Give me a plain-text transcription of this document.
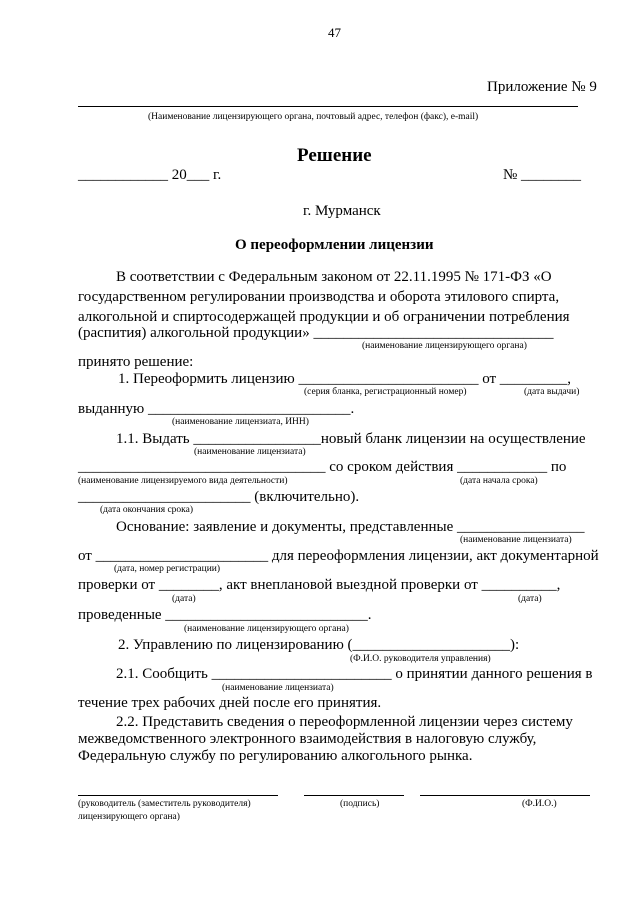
47
Приложение № 9
(Наименование лицензирующего органа, почтовый адрес, телефон (факс), e-mail)
Решение
____________ 20___ г.	№ ________
г. Мурманск
О переоформлении лицензии
В соответствии с Федеральным законом от 22.11.1995 № 171-ФЗ «О
государственном регулировании производства и оборота этилового спирта,
алкогольной и спиртосодержащей продукции и об ограничении потребления
(распития) алкогольной продукции» ________________________________
(наименование лицензирующего органа)
принято решение:
1. Переоформить лицензию ________________________ от _________,
(серия бланка, регистрационный номер)	(дата выдачи)
выданную ___________________________.
(наименование лицензиата, ИНН)
1.1. Выдать _________________новый бланк лицензии на осуществление
(наименование лицензиата)
_________________________________ со сроком действия ____________ по
(наименование лицензируемого вида деятельности)	(дата начала срока)
_______________________ (включительно).
(дата окончания срока)
Основание: заявление и документы, представленные _________________
(наименование лицензиата)
от _______________________ для переоформления лицензии, акт документарной
(дата, номер регистрации)
проверки от ________, акт внеплановой выездной проверки от __________,
(дата)	(дата)
проведенные ___________________________.
(наименование лицензирующего органа)
2. Управлению по лицензированию (_____________________):
(Ф.И.О. руководителя управления)
2.1. Сообщить ________________________ о принятии данного решения в
(наименование лицензиата)
течение трех рабочих дней после его принятия.
2.2. Представить сведения о переоформленной лицензии через систему
межведомственного электронного взаимодействия в налоговую службу,
Федеральную службу по регулированию алкогольного рынка.
(руководитель (заместитель руководителя)
лицензирующего органа)
(подпись)	(Ф.И.О.)
